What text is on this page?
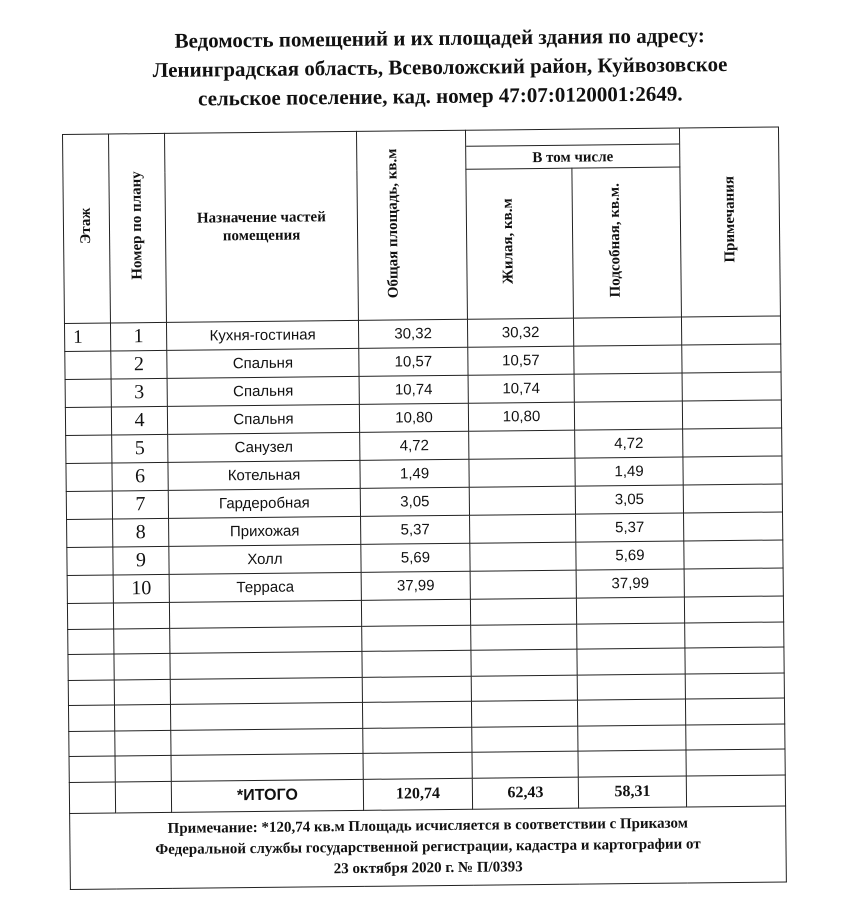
Ведомость помещений и их площадей здания по адресу:
Ленинградская область, Всеволожский район, Куйвозовское
сельское поселение, кад. номер 47:07:0120001:2649.
Этаж	Номер по плану	Назначение частей помещения	Общая площадь, кв.м	В том числе		Примечания
				Жилая, кв.м	Подсобная, кв.м.	
1	1	Кухня-гостиная	30,32	30,32		
	2	Спальня	10,57	10,57		
	3	Спальня	10,74	10,74		
	4	Спальня	10,80	10,80		
	5	Санузел	4,72		4,72	
	6	Котельная	1,49		1,49	
	7	Гардеробная	3,05		3,05	
	8	Прихожая	5,37		5,37	
	9	Холл	5,69		5,69	
	10	Терраса	37,99		37,99	

		*ИТОГО	120,74	62,43	58,31	

Примечание: *120,74 кв.м Площадь исчисляется в соответствии с Приказом
Федеральной службы государственной регистрации, кадастра и картографии от
23 октября 2020 г. № П/0393						
